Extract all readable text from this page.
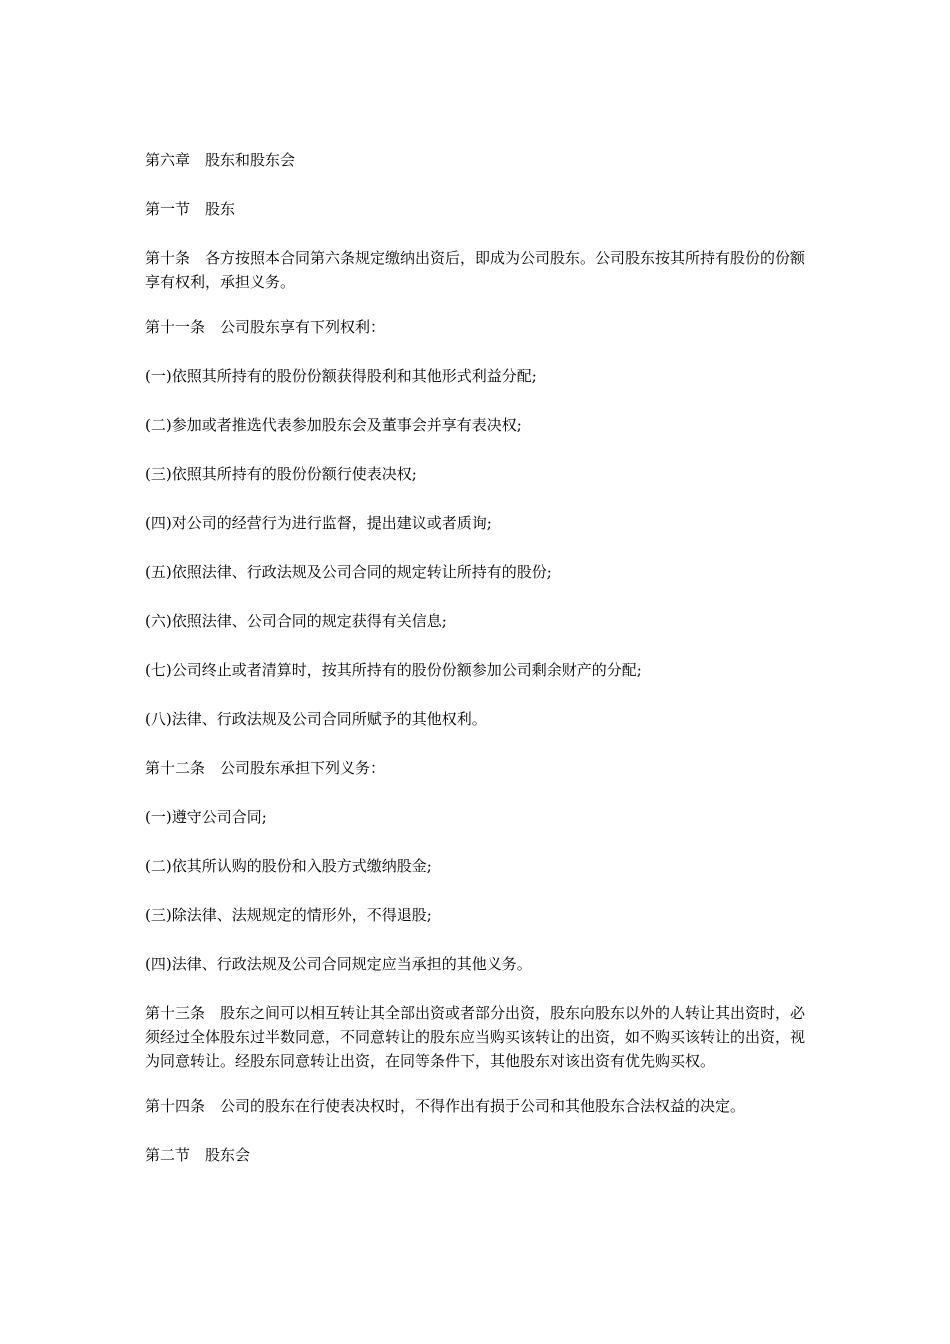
第六章　股东和股东会

第一节　股东

第十条　各方按照本合同第六条规定缴纳出资后，即成为公司股东。公司股东按其所持有股份的份额享有权利，承担义务。

第十一条　公司股东享有下列权利：

(一)依照其所持有的股份份额获得股利和其他形式利益分配;

(二)参加或者推选代表参加股东会及董事会并享有表决权;

(三)依照其所持有的股份份额行使表决权;

(四)对公司的经营行为进行监督，提出建议或者质询;

(五)依照法律、行政法规及公司合同的规定转让所持有的股份;

(六)依照法律、公司合同的规定获得有关信息;

(七)公司终止或者清算时，按其所持有的股份份额参加公司剩余财产的分配;

(八)法律、行政法规及公司合同所赋予的其他权利。

第十二条　公司股东承担下列义务：

(一)遵守公司合同;

(二)依其所认购的股份和入股方式缴纳股金;

(三)除法律、法规规定的情形外，不得退股;

(四)法律、行政法规及公司合同规定应当承担的其他义务。

第十三条　股东之间可以相互转让其全部出资或者部分出资，股东向股东以外的人转让其出资时，必须经过全体股东过半数同意，不同意转让的股东应当购买该转让的出资，如不购买该转让的出资，视为同意转让。经股东同意转让出资，在同等条件下，其他股东对该出资有优先购买权。

第十四条　公司的股东在行使表决权时，不得作出有损于公司和其他股东合法权益的决定。

第二节　股东会
